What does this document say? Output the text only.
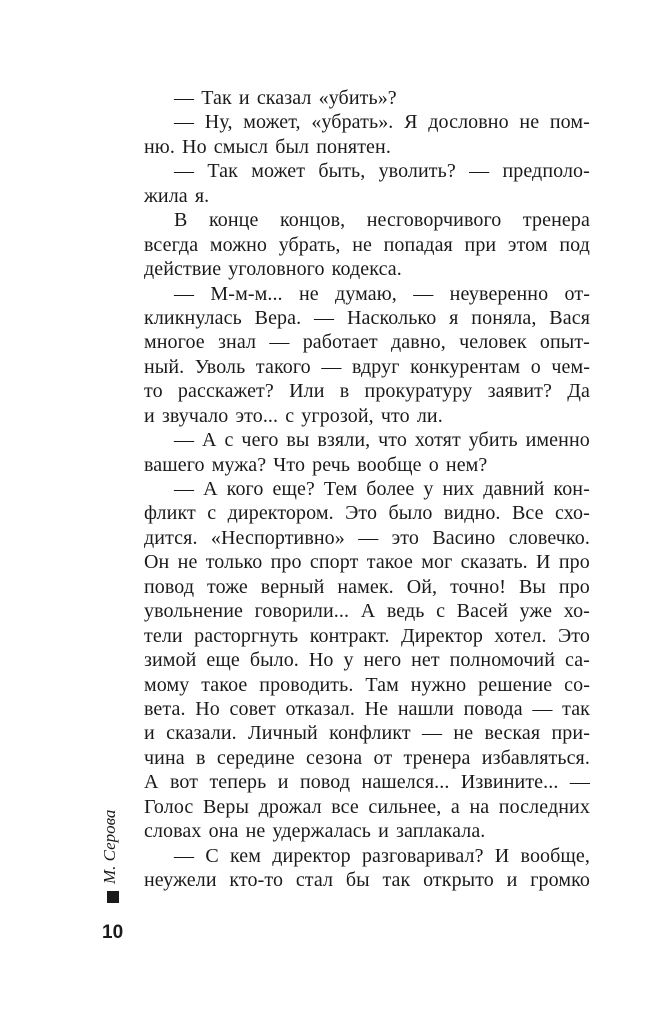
— Так и сказал «убить»?
— Ну, может, «убрать». Я дословно не пом-
ню. Но смысл был понятен.
— Так может быть, уволить? — предполо-
жила я.
В конце концов, несговорчивого тренера
всегда можно убрать, не попадая при этом под
действие уголовного кодекса.
— М-м-м... не думаю, — неуверенно от-
кликнулась Вера. — Насколько я поняла, Вася
многое знал — работает давно, человек опыт-
ный. Уволь такого — вдруг конкурентам о чем-
то расскажет? Или в прокуратуру заявит? Да
и звучало это... с угрозой, что ли.
— А с чего вы взяли, что хотят убить именно
вашего мужа? Что речь вообще о нем?
— А кого еще? Тем более у них давний кон-
фликт с директором. Это было видно. Все схо-
дится. «Неспортивно» — это Васино словечко.
Он не только про спорт такое мог сказать. И про
повод тоже верный намек. Ой, точно! Вы про
увольнение говорили... А ведь с Васей уже хо-
тели расторгнуть контракт. Директор хотел. Это
зимой еще было. Но у него нет полномочий са-
мому такое проводить. Там нужно решение со-
вета. Но совет отказал. Не нашли повода — так
и сказали. Личный конфликт — не веская при-
чина в середине сезона от тренера избавляться.
А вот теперь и повод нашелся... Извините... —
Голос Веры дрожал все сильнее, а на последних
словах она не удержалась и заплакала.
— С кем директор разговаривал? И вообще,
неужели кто-то стал бы так открыто и громко
М. Серова
10
